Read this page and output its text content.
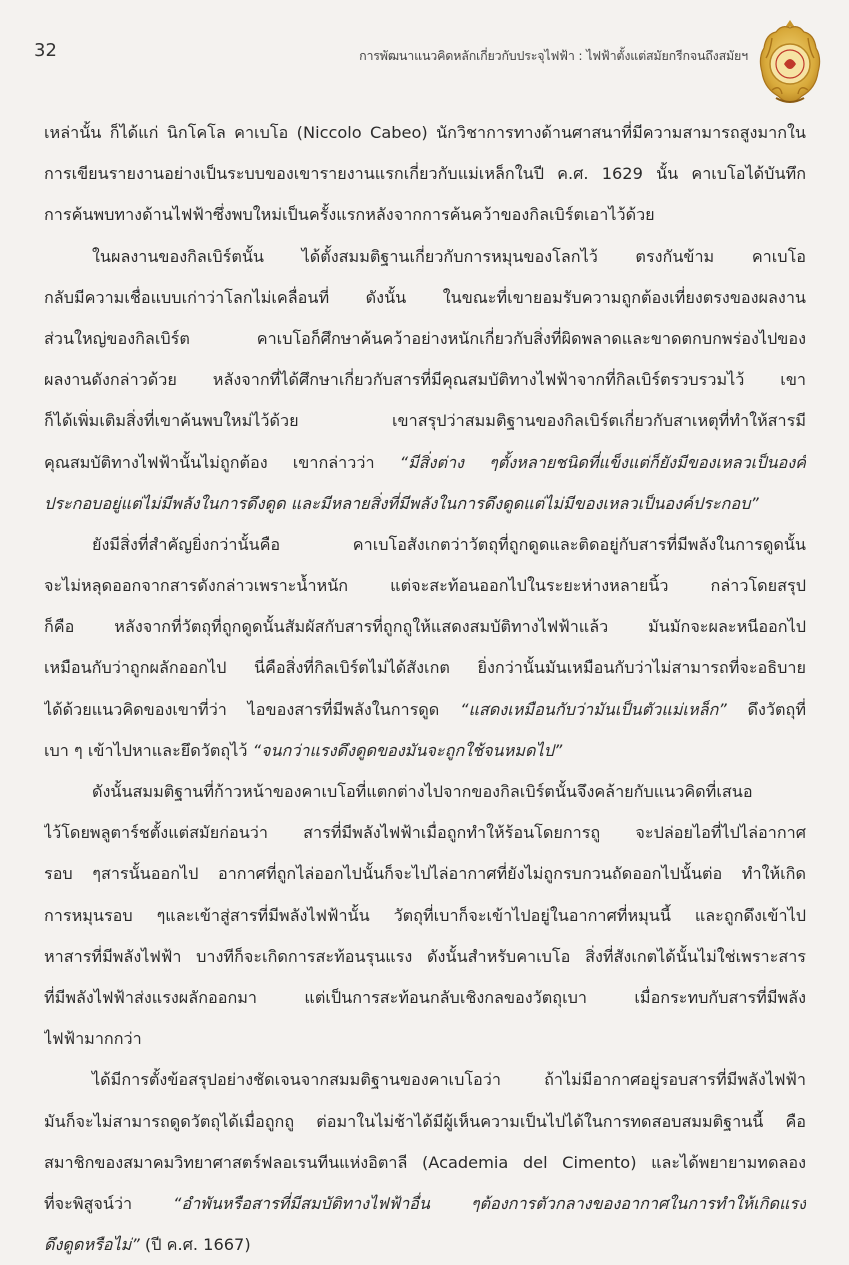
32	การพัฒนาแนวคิดหลักเกี่ยวกับประจุไฟฟ้า : ไฟฟ้าตั้งแต่สมัยกรีกจนถึงสมัยฯ
เหล่านั้น ก็ได้แก่ นิกโคโล คาเบโอ (Niccolo Cabeo) นักวิชาการทางด้านศาสนาที่มีความสามารถสูงมากใน
การเขียนรายงานอย่างเป็นระบบของเขารายงานแรกเกี่ยวกับแม่เหล็กในปี ค.ศ. 1629 นั้น คาเบโอได้บันทึก
การค้นพบทางด้านไฟฟ้าซึ่งพบใหม่เป็นครั้งแรกหลังจากการค้นคว้าของกิลเบิร์ตเอาไว้ด้วย
ในผลงานของกิลเบิร์ตนั้น ได้ตั้งสมมติฐานเกี่ยวกับการหมุนของโลกไว้ ตรงกันข้าม คาเบโอ
กลับมีความเชื่อแบบเก่าว่าโลกไม่เคลื่อนที่ ดังนั้น ในขณะที่เขายอมรับความถูกต้องเที่ยงตรงของผลงาน
ส่วนใหญ่ของกิลเบิร์ต คาเบโอก็ศึกษาค้นคว้าอย่างหนักเกี่ยวกับสิ่งที่ผิดพลาดและขาดตกบกพร่องไปของ
ผลงานดังกล่าวด้วย หลังจากที่ได้ศึกษาเกี่ยวกับสารที่มีคุณสมบัติทางไฟฟ้าจากที่กิลเบิร์ตรวบรวมไว้ เขา
ก็ได้เพิ่มเติมสิ่งที่เขาค้นพบใหม่ไว้ด้วย เขาสรุปว่าสมมติฐานของกิลเบิร์ตเกี่ยวกับสาเหตุที่ทำให้สารมี
คุณสมบัติทางไฟฟ้านั้นไม่ถูกต้อง เขากล่าวว่า “มีสิ่งต่าง ๆตั้งหลายชนิดที่แข็งแต่ก็ยังมีของเหลวเป็นองค์
ประกอบอยู่แต่ไม่มีพลังในการดึงดูด และมีหลายสิ่งที่มีพลังในการดึงดูดแต่ไม่มีของเหลวเป็นองค์ประกอบ”
ยังมีสิ่งที่สำคัญยิ่งกว่านั้นคือ คาเบโอสังเกตว่าวัตถุที่ถูกดูดและติดอยู่กับสารที่มีพลังในการดูดนั้น
จะไม่หลุดออกจากสารดังกล่าวเพราะน้ำหนัก แต่จะสะท้อนออกไปในระยะห่างหลายนิ้ว กล่าวโดยสรุป
ก็คือ หลังจากที่วัตถุที่ถูกดูดนั้นสัมผัสกับสารที่ถูกถูให้แสดงสมบัติทางไฟฟ้าแล้ว มันมักจะผละหนีออกไป
เหมือนกับว่าถูกผลักออกไป นี่คือสิ่งที่กิลเบิร์ตไม่ได้สังเกต ยิ่งกว่านั้นมันเหมือนกับว่าไม่สามารถที่จะอธิบาย
ได้ด้วยแนวคิดของเขาที่ว่า ไอของสารที่มีพลังในการดูด “แสดงเหมือนกับว่ามันเป็นตัวแม่เหล็ก” ดึงวัตถุที่
เบา ๆ เข้าไปหาและยึดวัตถุไว้ “จนกว่าแรงดึงดูดของมันจะถูกใช้จนหมดไป”
ดังนั้นสมมติฐานที่ก้าวหน้าของคาเบโอที่แตกต่างไปจากของกิลเบิร์ตนั้นจึงคล้ายกับแนวคิดที่เสนอ
ไว้โดยพลูตาร์ชตั้งแต่สมัยก่อนว่า สารที่มีพลังไฟฟ้าเมื่อถูกทำให้ร้อนโดยการถู จะปล่อยไอที่ไปไล่อากาศ
รอบ ๆสารนั้นออกไป อากาศที่ถูกไล่ออกไปนั้นก็จะไปไล่อากาศที่ยังไม่ถูกรบกวนถัดออกไปนั้นต่อ ทำให้เกิด
การหมุนรอบ ๆและเข้าสู่สารที่มีพลังไฟฟ้านั้น วัตถุที่เบาก็จะเข้าไปอยู่ในอากาศที่หมุนนี้ และถูกดึงเข้าไป
หาสารที่มีพลังไฟฟ้า บางทีก็จะเกิดการสะท้อนรุนแรง ดังนั้นสำหรับคาเบโอ สิ่งที่สังเกตได้นั้นไม่ใช่เพราะสาร
ที่มีพลังไฟฟ้าส่งแรงผลักออกมา แต่เป็นการสะท้อนกลับเชิงกลของวัตถุเบา เมื่อกระทบกับสารที่มีพลัง
ไฟฟ้ามากกว่า
ได้มีการตั้งข้อสรุปอย่างชัดเจนจากสมมติฐานของคาเบโอว่า ถ้าไม่มีอากาศอยู่รอบสารที่มีพลังไฟฟ้า
มันก็จะไม่สามารถดูดวัตถุได้เมื่อถูกถู ต่อมาในไม่ช้าได้มีผู้เห็นความเป็นไปได้ในการทดสอบสมมติฐานนี้ คือ
สมาชิกของสมาคมวิทยาศาสตร์ฟลอเรนทีนแห่งอิตาลี (Academia del Cimento) และได้พยายามทดลอง
ที่จะพิสูจน์ว่า “อำพันหรือสารที่มีสมบัติทางไฟฟ้าอื่น ๆต้องการตัวกลางของอากาศในการทำให้เกิดแรง
ดึงดูดหรือไม่” (ปี ค.ศ. 1667)
